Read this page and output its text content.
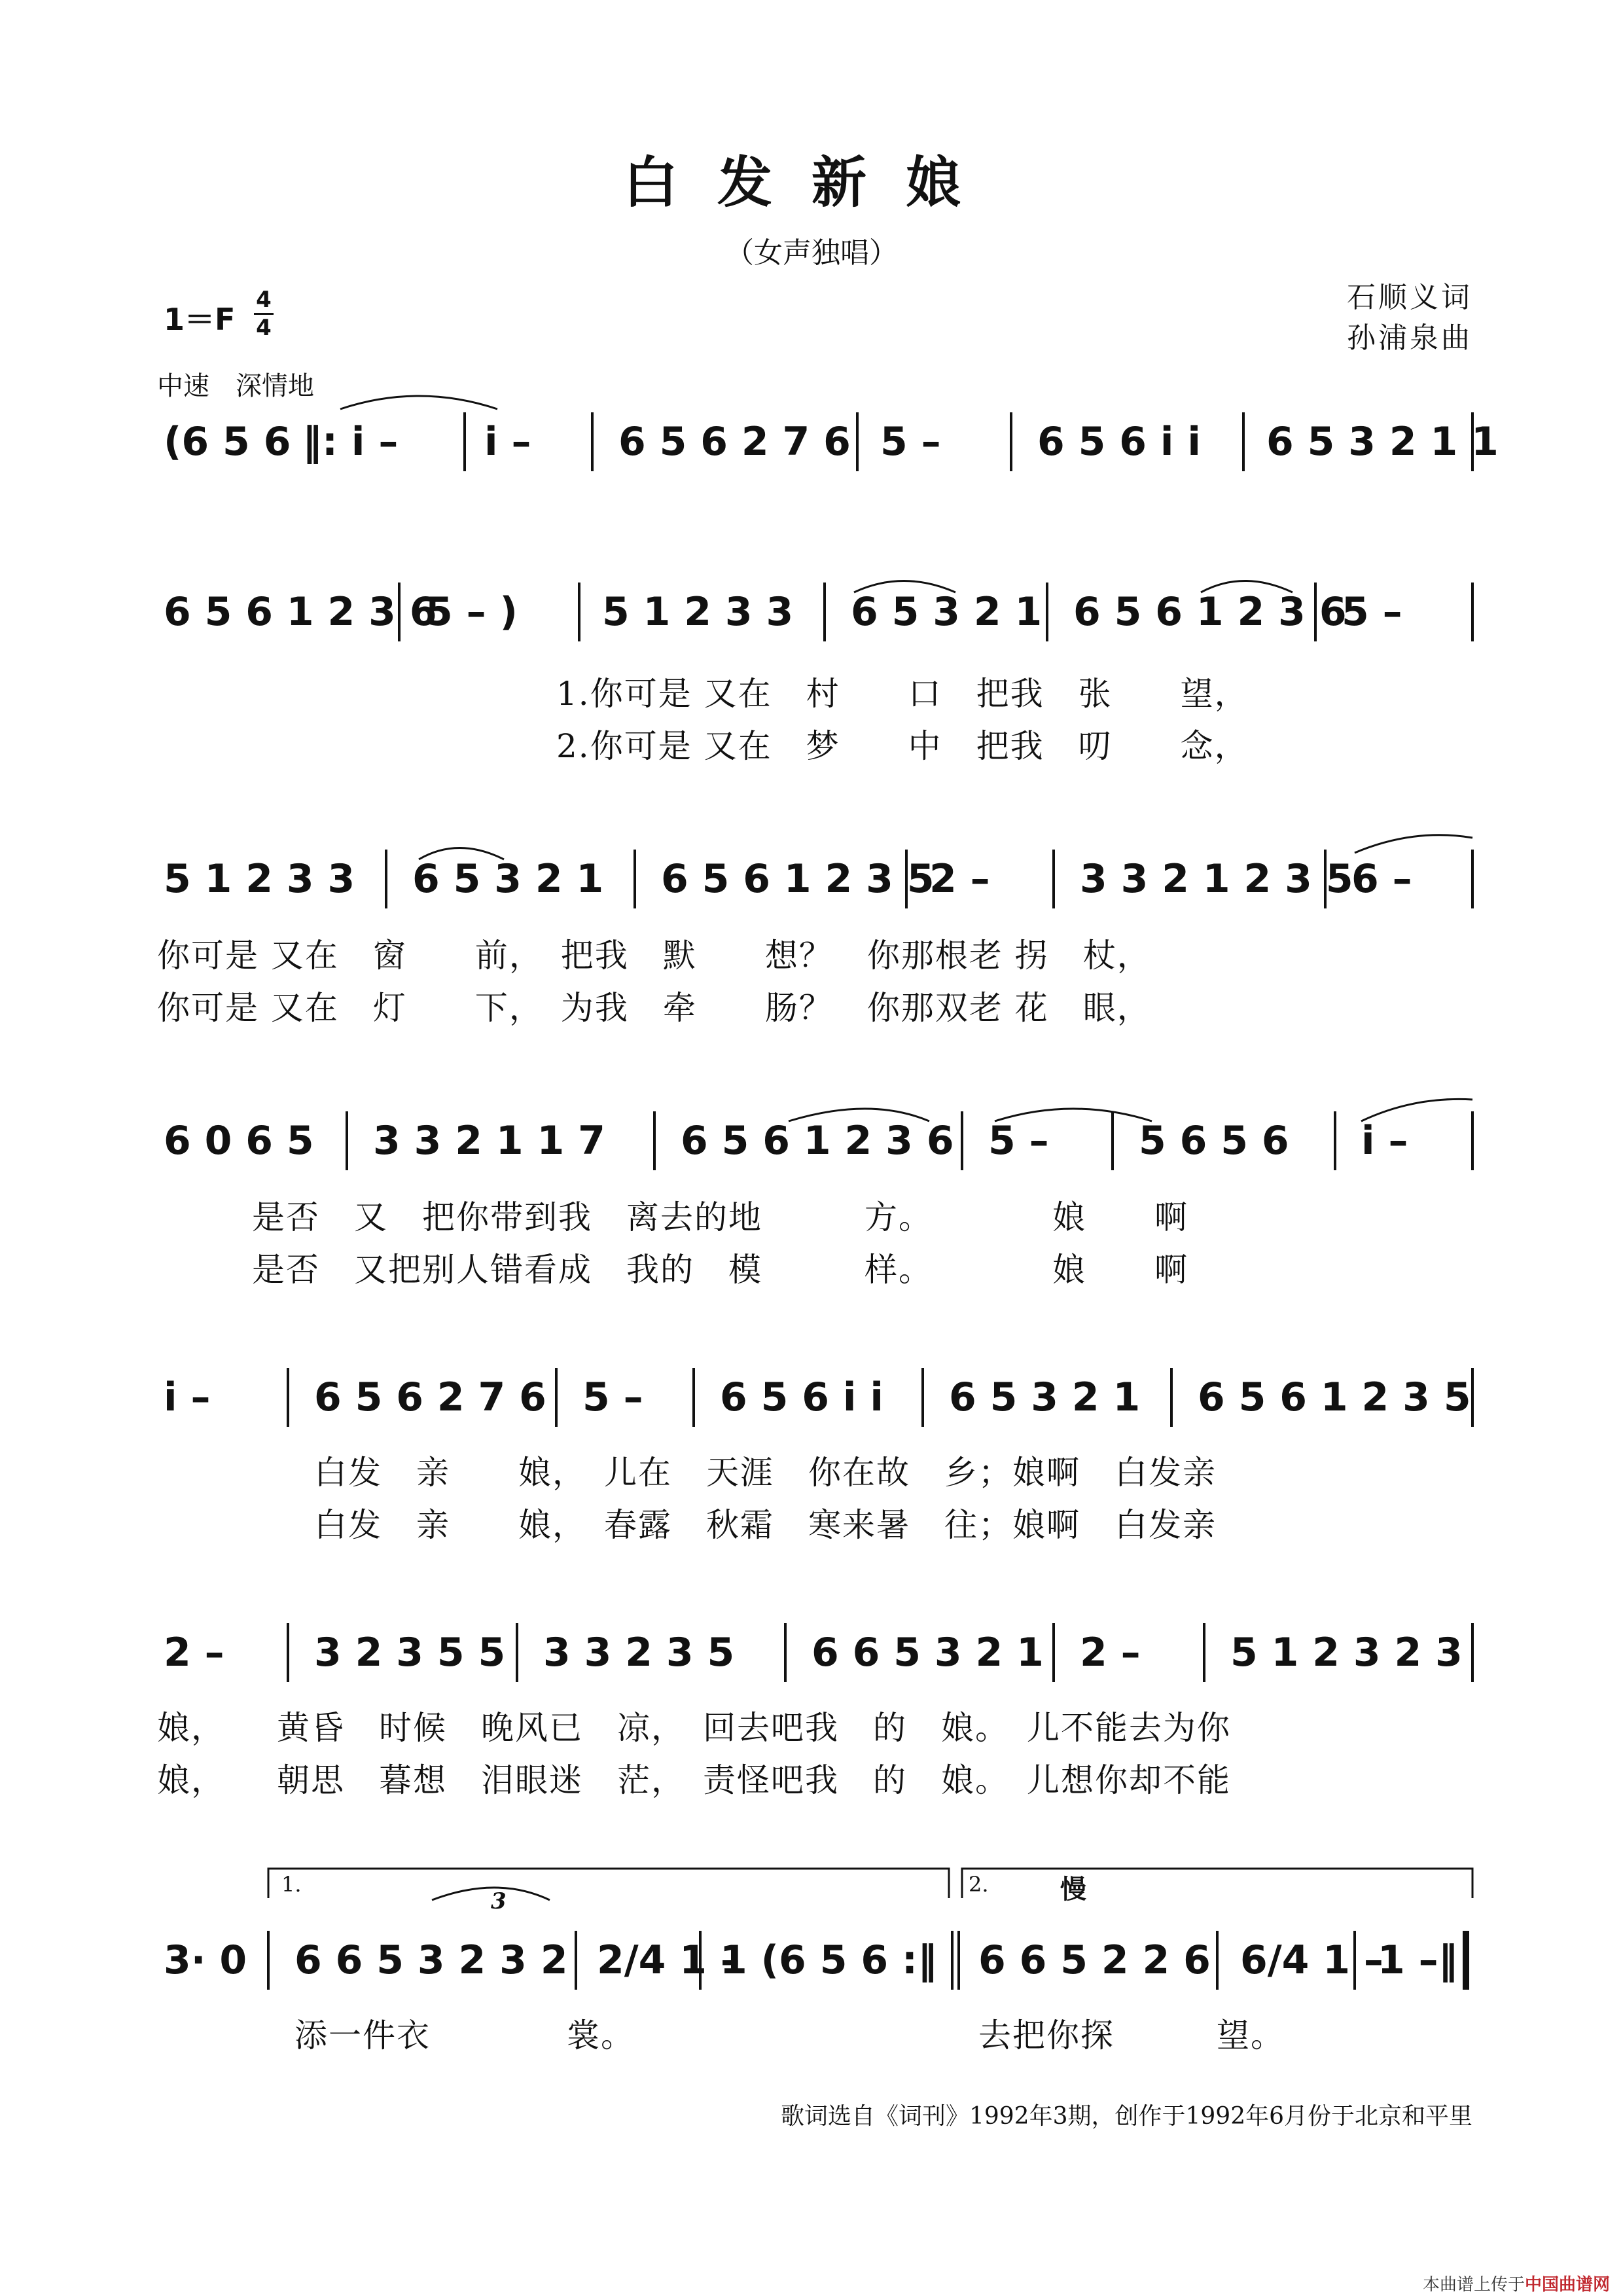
白发新娘
（女声独唱）
石顺义词
孙浦泉曲
1＝F
4
4
中速　深情地
(6 5 6 ‖: i – i – 6 5 6 2 7 6 5 – 6 5 6 i i 6 5 3 2 1 1
6 5 6 1 2 3 6
5 – ) 5 1 2 3 3 6 5 3 2 1 6 5 6 1 2 3 6
5 –
1.你可是 又在　村　　口　把我　张　　望，
2.你可是 又在　梦　　中　把我　叨　　念，
5 1 2 3 3 6 5 3 2 1 6 5 6 1 2 3 5
2 – 3 3 2 1 2 3 5
6 –
你可是 又在　窗　　前，　把我　默　　想？　你那根老 拐　杖，
你可是 又在　灯　　下，　为我　牵　　肠？　你那双老 花　眼，
6 0 6 5 3 3 2 1 1 7 6 5 6 1 2 3 6 5 – 5 6 5 6 i –
是否　又　把你带到我　离去的地　　　方。　　　　娘　　啊
是否　又把别人错看成　我的　模　　　样。　　　　娘　　啊
i –	6 5 6 2 7 6 5 – 6 5 6 i i 6 5 3 2 1 6 5 6 1 2 3 5
白发　亲　　娘，　儿在　天涯　你在故　乡；娘啊　白发亲
白发　亲　　娘，　春露　秋霜　寒来暑　往；娘啊　白发亲
2 – 3 2 3 5 5 3 3 2 3 5 6 6 5 3 2 1 2 – 5 1 2 3 2 3
娘，　　黄昏　时候　晚风已　凉，　回去吧我　的　娘。　儿不能去为你
娘，　　朝思　暮想　泪眼迷　茫，　责怪吧我　的　娘。　儿想你却不能
1.	2.	慢
3
3· 0 6 6 5 3 2 3 2 2/4 1 –
1 (6 5 6 :‖ 6 6 5 2 2 6 6/4 1 –
1 –‖
添一件衣　　　　裳。	去把你探　　　望。
歌词选自《词刊》1992年3期，创作于1992年6月份于北京和平里
本曲谱上传于中国曲谱网
